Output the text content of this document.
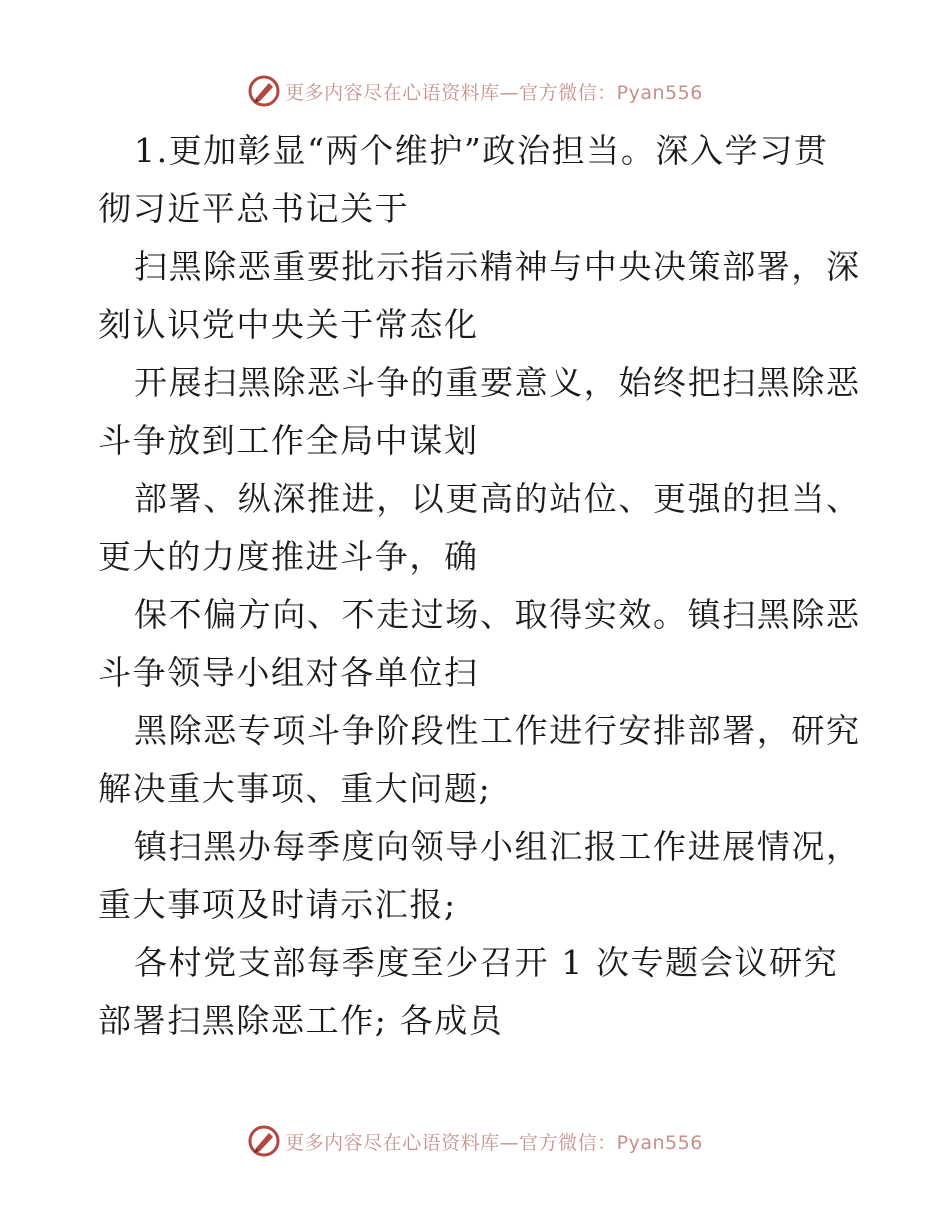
更多内容尽在心语资料库—官方微信：Pyan556

1.更加彰显“两个维护”政治担当。深入学习贯
彻习近平总书记关于

扫黑除恶重要批示指示精神与中央决策部署，深
刻认识党中央关于常态化

开展扫黑除恶斗争的重要意义，始终把扫黑除恶
斗争放到工作全局中谋划

部署、纵深推进，以更高的站位、更强的担当、
更大的力度推进斗争，确

保不偏方向、不走过场、取得实效。镇扫黑除恶
斗争领导小组对各单位扫

黑除恶专项斗争阶段性工作进行安排部署，研究
解决重大事项、重大问题;

镇扫黑办每季度向领导小组汇报工作进展情况，
重大事项及时请示汇报;

各村党支部每季度至少召开 1 次专题会议研究
部署扫黑除恶工作; 各成员

更多内容尽在心语资料库—官方微信：Pyan556
